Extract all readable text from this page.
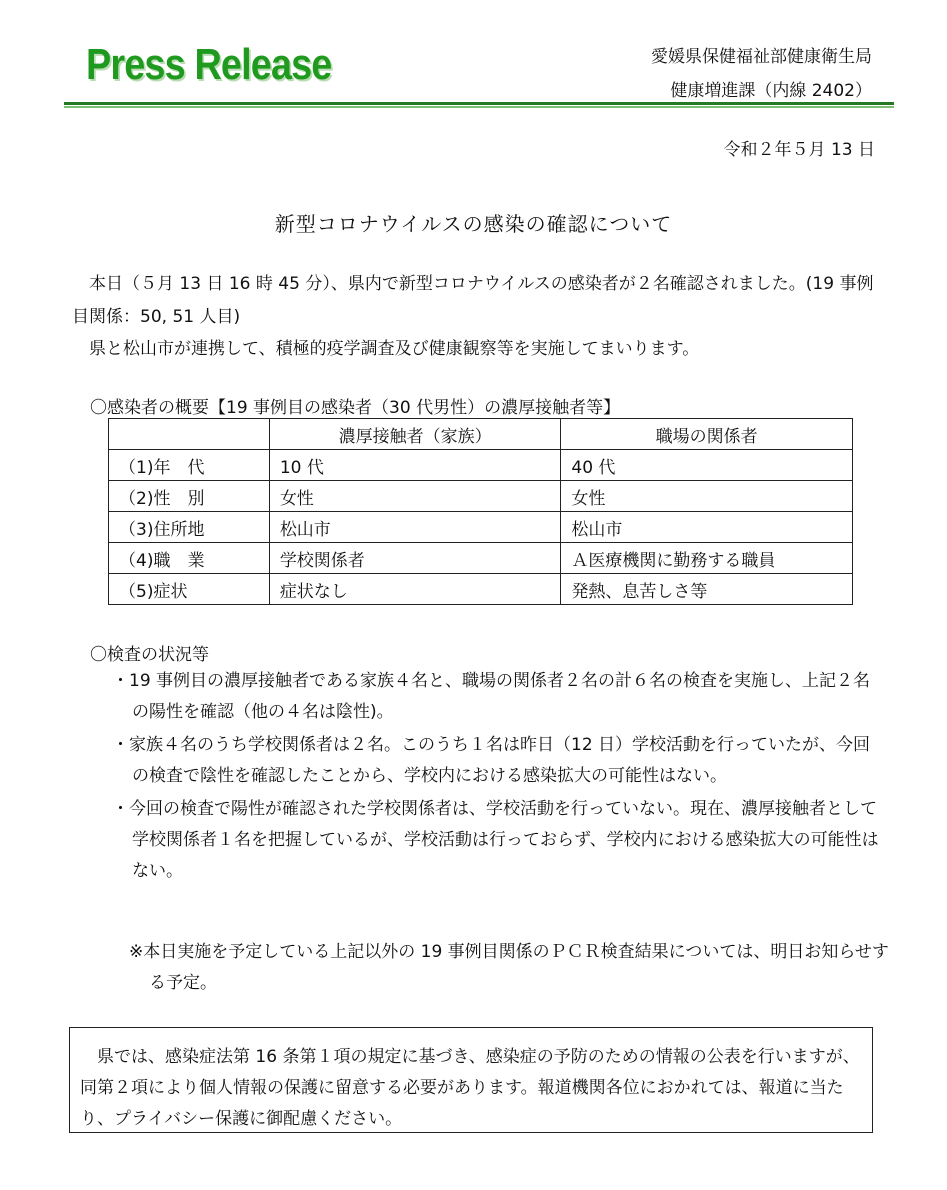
Press Release	愛媛県保健福祉部健康衛生局
健康増進課（内線 2402）
令和２年５月 13 日
新型コロナウイルスの感染の確認について
本日（５月 13 日 16 時 45 分）、県内で新型コロナウイルスの感染者が２名確認されました。(19 事例目関係：50, 51 人目)
県と松山市が連携して、積極的疫学調査及び健康観察等を実施してまいります。
〇感染者の概要【19 事例目の感染者（30 代男性）の濃厚接触者等】
	濃厚接触者（家族）	職場の関係者
（1)年　代	10 代	40 代
（2)性　別	女性	女性
（3)住所地	松山市	松山市
（4)職　業	学校関係者	Ａ医療機関に勤務する職員
（5)症状	症状なし	発熱、息苦しさ等
〇検査の状況等
・19 事例目の濃厚接触者である家族４名と、職場の関係者２名の計６名の検査を実施し、上記２名の陽性を確認（他の４名は陰性)。
・家族４名のうち学校関係者は２名。このうち１名は昨日（12 日）学校活動を行っていたが、今回の検査で陰性を確認したことから、学校内における感染拡大の可能性はない。
・今回の検査で陽性が確認された学校関係者は、学校活動を行っていない。現在、濃厚接触者として学校関係者１名を把握しているが、学校活動は行っておらず、学校内における感染拡大の可能性はない。
※本日実施を予定している上記以外の 19 事例目関係のＰＣＲ検査結果については、明日お知らせする予定。
県では、感染症法第 16 条第１項の規定に基づき、感染症の予防のための情報の公表を行いますが、同第２項により個人情報の保護に留意する必要があります。報道機関各位におかれては、報道に当たり、プライバシー保護に御配慮ください。
